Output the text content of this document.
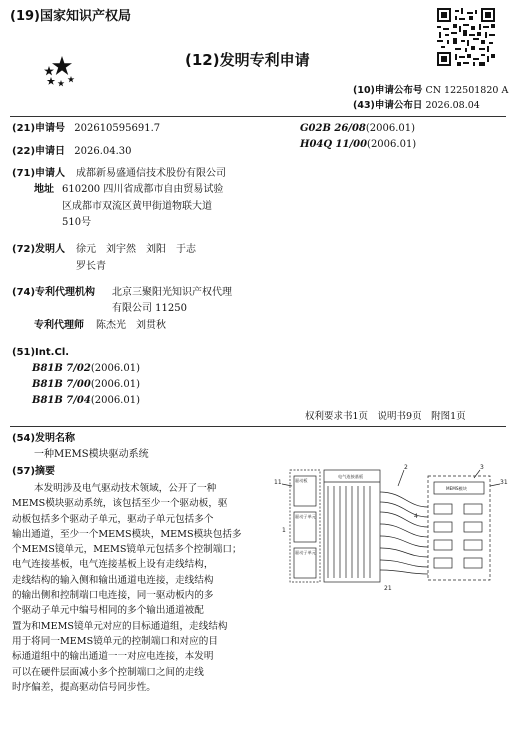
(19)国家知识产权局
(12)发明专利申请
(10)申请公布号 CN 122501820 A
(43)申请公布日 2026.08.04
(21)申请号 202610595691.7
(22)申请日 2026.04.30
(71)申请人 成都新易盛通信技术股份有限公司
地址 610200 四川省成都市自由贸易试验
区成都市双流区黄甲街道物联大道
510号
(72)发明人 徐元　刘宇然　刘阳　于志
罗长青
(74)专利代理机构 北京三聚阳光知识产权代理
有限公司 11250
专利代理师 陈杰光　刘贯秋
(51)Int.Cl.
B81B 7/02(2006.01)
B81B 7/00(2006.01)
B81B 7/04(2006.01)
G02B 26/08(2006.01)
H04Q 11/00(2006.01)
权利要求书1页　说明书9页　附图1页
(54)发明名称
一种MEMS模块驱动系统
(57)摘要

本发明涉及电气驱动技术领域，公开了一种

MEMS模块驱动系统，该包括至少一个驱动板，驱

动板包括多个驱动子单元，驱动子单元包括多个

输出通道，至少一个MEMS模块，MEMS模块包括多

个MEMS镜单元，MEMS镜单元包括多个控制端口；

电气连接基板，电气连接基板上设有走线结构，

走线结构的输入侧和输出通道电连接，走线结构

的输出侧和控制端口电连接，同一驱动板内的多

个驱动子单元中编号相同的多个输出通道被配

置为和MEMS镜单元对应的目标通道组，走线结构

用于将同一MEMS镜单元的控制端口和对应的目

标通道组中的输出通道一一对应电连接，本发明

可以在硬件层面减小多个控制端口之间的走线

时序偏差，提高驱动信号同步性。

11
1
2	3
31
4
21
驱动板
电气连接基板
MEMS模块
驱动子单元
驱动子单元
